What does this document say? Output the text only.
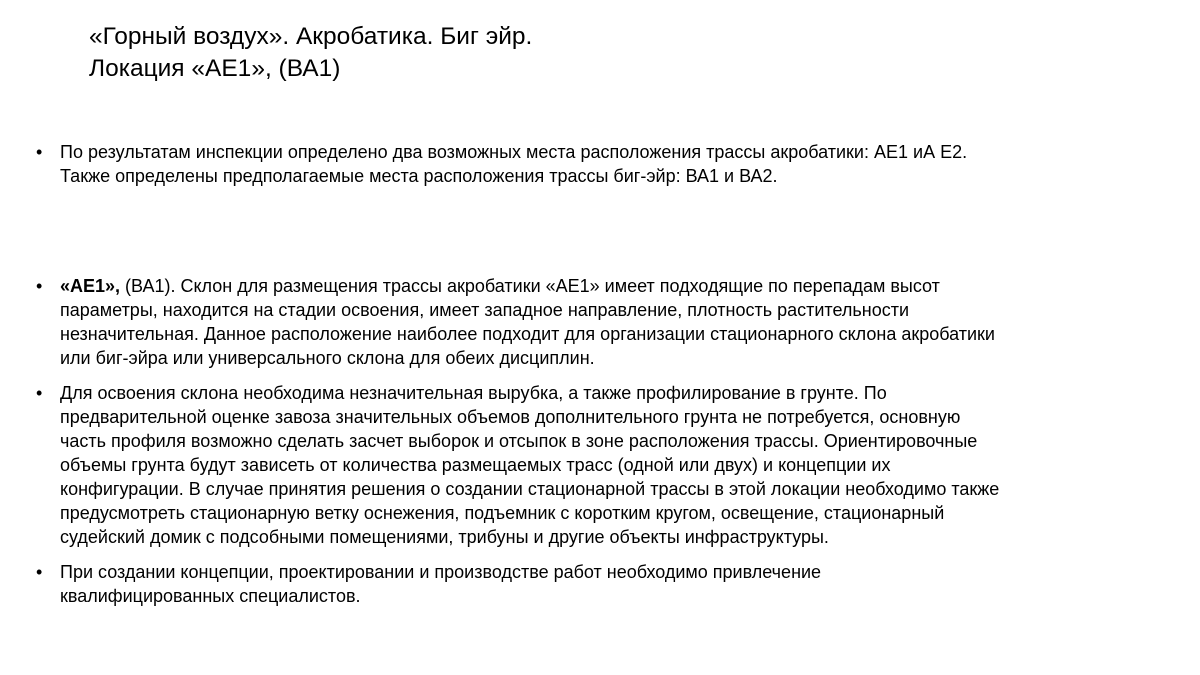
«Горный воздух». Акробатика. Биг эйр.
Локация «АЕ1», (ВА1)
• По результатам инспекции определено два возможных места расположения трассы акробатики: АЕ1 иА Е2.
Также определены предполагаемые места расположения трассы биг-эйр: ВА1 и ВА2.
• «АЕ1», (ВА1). Склон для размещения трассы акробатики «АЕ1» имеет подходящие по перепадам высот
параметры, находится на стадии освоения, имеет западное направление, плотность растительности
незначительная. Данное расположение наиболее подходит для организации стационарного склона акробатики
или биг-эйра или универсального склона для обеих дисциплин.
• Для освоения склона необходима незначительная вырубка, а также профилирование в грунте. По
предварительной оценке завоза значительных объемов дополнительного грунта не потребуется, основную
часть профиля возможно сделать засчет выборок и отсыпок в зоне расположения трассы. Ориентировочные
объемы грунта будут зависеть от количества размещаемых трасс (одной или двух) и концепции их
конфигурации. В случае принятия решения о создании стационарной трассы в этой локации необходимо также
предусмотреть стационарную ветку оснежения, подъемник с коротким кругом, освещение, стационарный
судейский домик с подсобными помещениями, трибуны и другие объекты инфраструктуры.
• При создании концепции, проектировании и производстве работ необходимо привлечение
квалифицированных специалистов.
